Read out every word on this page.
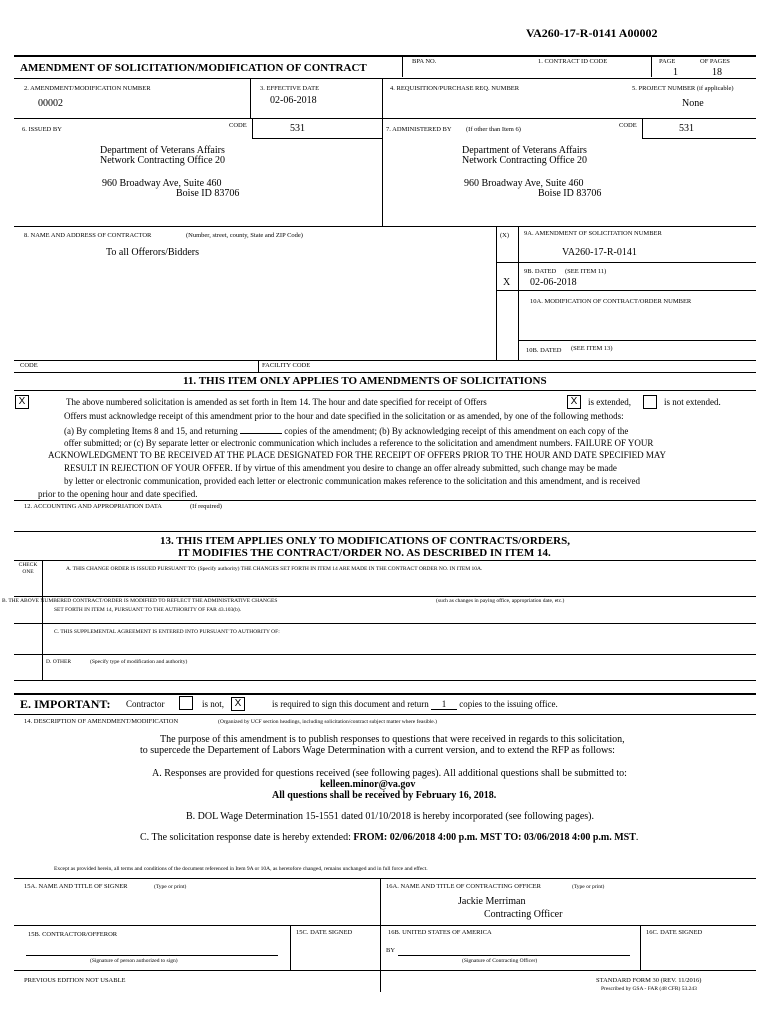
VA260-17-R-0141 A00002
AMENDMENT OF SOLICITATION/MODIFICATION OF CONTRACT
BPA NO.	1. CONTRACT ID CODE	PAGE	OF PAGES
1	18
2. AMENDMENT/MODIFICATION NUMBER
00002
3. EFFECTIVE DATE
02-06-2018
4. REQUISITION/PURCHASE REQ. NUMBER	5. PROJECT NUMBER (if applicable)
None
6. ISSUED BY
CODE	531
Department of Veterans Affairs
Network Contracting Office 20
960 Broadway Ave, Suite 460
Boise ID 83706
7. ADMINISTERED BY (If other than Item 6)
CODE	531
Department of Veterans Affairs
Network Contracting Office 20
960 Broadway Ave, Suite 460
Boise ID 83706
8. NAME AND ADDRESS OF CONTRACTOR	(Number, street, county, State and ZIP Code)
To all Offerors/Bidders
(X) 9A. AMENDMENT OF SOLICITATION NUMBER
VA260-17-R-0141
9B. DATED (SEE ITEM 11)
X 02-06-2018
10A. MODIFICATION OF CONTRACT/ORDER NUMBER
10B. DATED (SEE ITEM 13)
CODE	FACILITY CODE
11. THIS ITEM ONLY APPLIES TO AMENDMENTS OF SOLICITATIONS
X	The above numbered solicitation is amended as set forth in Item 14. The hour and date specified for receipt of Offers	X	is extended,	is not extended.
Offers must acknowledge receipt of this amendment prior to the hour and date specified in the solicitation or as amended, by one of the following methods:
(a) By completing Items 8 and 15, and returning	copies of the amendment; (b) By acknowledging receipt of this amendment on each copy of the
offer submitted; or (c) By separate letter or electronic communication which includes a reference to the solicitation and amendment numbers. FAILURE OF YOUR
ACKNOWLEDGMENT TO BE RECEIVED AT THE PLACE DESIGNATED FOR THE RECEIPT OF OFFERS PRIOR TO THE HOUR AND DATE SPECIFIED MAY
RESULT IN REJECTION OF YOUR OFFER. If by virtue of this amendment you desire to change an offer already submitted, such change may be made
by letter or electronic communication, provided each letter or electronic communication makes reference to the solicitation and this amendment, and is received
prior to the opening hour and date specified.
12. ACCOUNTING AND APPROPRIATION DATA	(If required)
13. THIS ITEM APPLIES ONLY TO MODIFICATIONS OF CONTRACTS/ORDERS,
IT MODIFIES THE CONTRACT/ORDER NO. AS DESCRIBED IN ITEM 14.
CHECK ONE	A. THIS CHANGE ORDER IS ISSUED PURSUANT TO: (Specify authority) THE CHANGES SET FORTH IN ITEM 14 ARE MADE IN THE CONTRACT ORDER NO. IN ITEM 10A.
B. THE ABOVE NUMBERED CONTRACT/ORDER IS MODIFIED TO REFLECT THE ADMINISTRATIVE CHANGES	(such as changes in paying office, appropriation date, etc.)
SET FORTH IN ITEM 14, PURSUANT TO THE AUTHORITY OF FAR 43.103(b).
C. THIS SUPPLEMENTAL AGREEMENT IS ENTERED INTO PURSUANT TO AUTHORITY OF:
D. OTHER	(Specify type of modification and authority)
E. IMPORTANT: Contractor	is not,	X	is required to sign this document and return 1 copies to the issuing office.
14. DESCRIPTION OF AMENDMENT/MODIFICATION	(Organized by UCF section headings, including solicitation/contract subject matter where feasible.)
The purpose of this amendment is to publish responses to questions that were received in regards to this solicitation,
to supercede the Departement of Labors Wage Determination with a current version, and to extend the RFP as follows:
A. Responses are provided for questions received (see following pages). All additional questions shall be submitted to:
kelleen.minor@va.gov
All questions shall be received by February 16, 2018.
B. DOL Wage Determination 15-1551 dated 01/10/2018 is hereby incorporated (see following pages).
C. The solicitation response date is hereby extended: FROM: 02/06/2018 4:00 p.m. MST TO: 03/06/2018 4:00 p.m. MST.
Except as provided herein, all terms and conditions of the document referenced in Item 9A or 10A, as heretofore changed, remains unchanged and in full force and effect.
15A. NAME AND TITLE OF SIGNER	(Type or print)	16A. NAME AND TITLE OF CONTRACTING OFFICER	(Type or print)
Jackie Merriman
Contracting Officer
15B. CONTRACTOR/OFFEROR	15C. DATE SIGNED	16B. UNITED STATES OF AMERICA	16C. DATE SIGNED
(Signature of person authorized to sign)
BY
(Signature of Contracting Officer)
PREVIOUS EDITION NOT USABLE	STANDARD FORM 30 (REV. 11/2016)
Prescribed by GSA - FAR (48 CFR) 53.243
